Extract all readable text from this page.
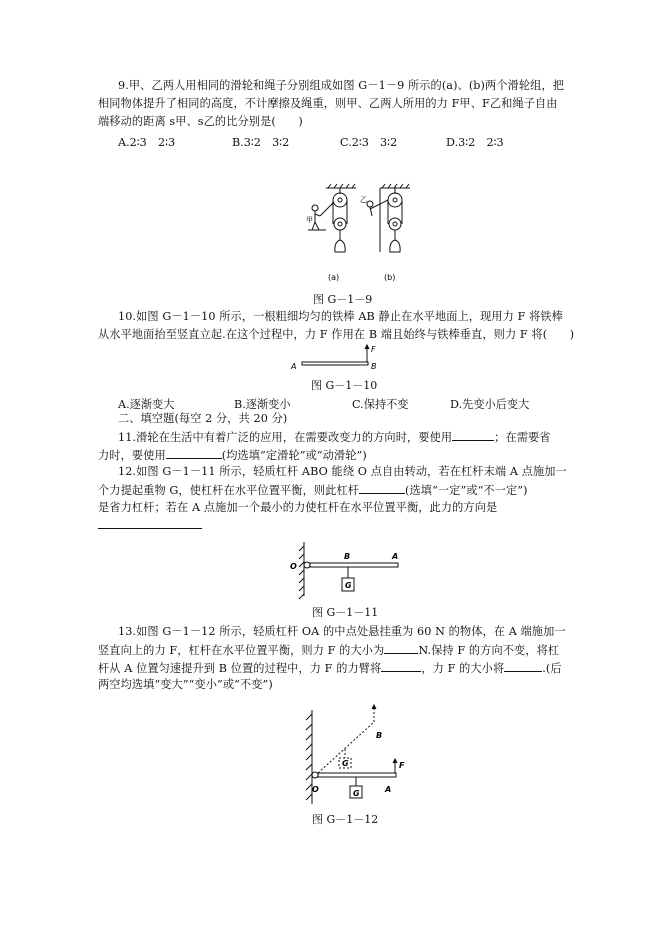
9.甲、乙两人用相同的滑轮和绳子分别组成如图 G－1－9 所示的(a)、(b)两个滑轮组，把
相同物体提升了相同的高度，不计摩擦及绳重，则甲、乙两人所用的力 F甲、F乙和绳子自由
端移动的距离 s甲、s乙的比分别是(　　)
A.2∶3　2∶3	B.3∶2　3∶2	C.2∶3　3∶2	D.3∶2　2∶3
甲
乙
(a)	(b)
图 G－1－9
10.如图 G－1－10 所示，一根粗细均匀的铁棒 AB 静止在水平地面上，现用力 F 将铁棒
从水平地面抬至竖直立起.在这个过程中，力 F 作用在 B 端且始终与铁棒垂直，则力 F 将(　　)
A	B
F
图 G－1－10
A.逐渐变大	B.逐渐变小	C.保持不变	D.先变小后变大
二、填空题(每空 2 分，共 20 分)
11.滑轮在生活中有着广泛的应用，在需要改变力的方向时，要使用	；在需要省
力时，要使用	(均选填“定滑轮”或“动滑轮”)
12.如图 G－1－11 所示，轻质杠杆 ABO 能绕 O 点自由转动，若在杠杆末端 A 点施加一
个力提起重物 G，使杠杆在水平位置平衡，则此杠杆	(选填“一定”或“不一定”)
是省力杠杆；若在 A 点施加一个最小的力使杠杆在水平位置平衡，此力的方向是
O
B	A
G
图 G－1－11
13.如图 G－1－12 所示，轻质杠杆 OA 的中点处悬挂重为 60 N 的物体，在 A 端施加一
竖直向上的力 F，杠杆在水平位置平衡，则力 F 的大小为	N.保持 F 的方向不变，将杠
杆从 A 位置匀速提升到 B 位置的过程中，力 F 的力臂将	，力 F 的大小将	.(后
两空均选填“变大”“变小”或“不变”)
O	A
B
F
G
G
图 G－1－12
